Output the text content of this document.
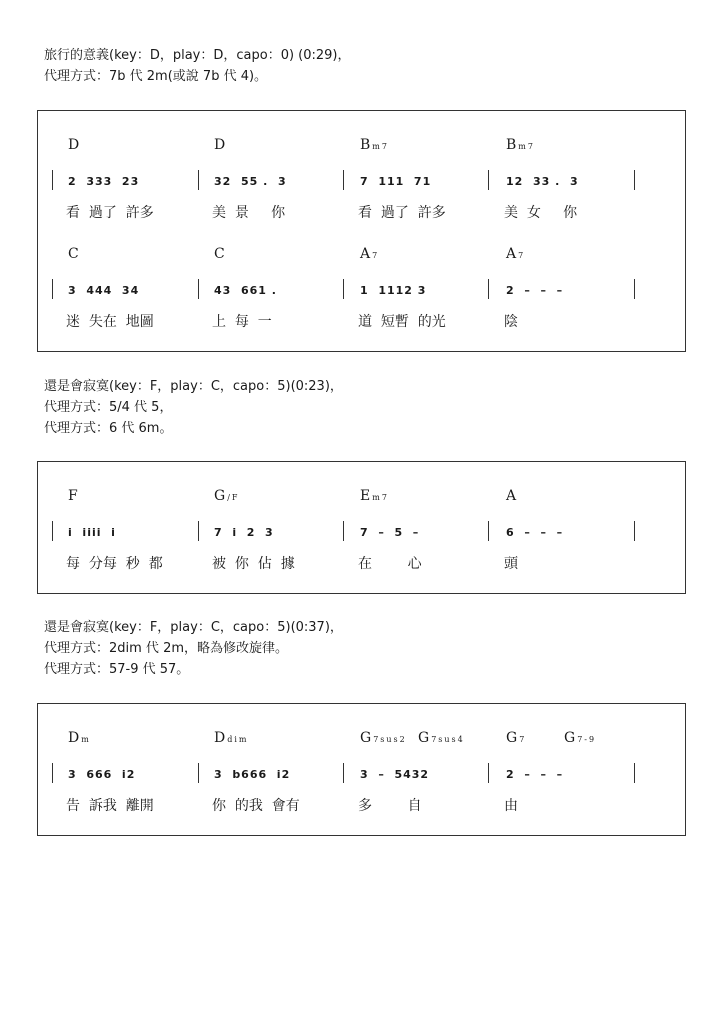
旅行的意義(key：D，play：D，capo：0) (0:29)，
代理方式：7b 代 2m(或說 7b 代 4)。
D	D	Bm7	Bm7
2  333  23	32  55 .  3	7  111  71	12  33 .  3
看  過了  許多	美  景     你	看  過了  許多	美  女     你
C	C	A 7	A 7
3  444  34	43  661 .	1  1112 3	2  –  –  –
迷  失在  地圖	上  每  一	道  短暫  的光	陰
還是會寂寞(key：F，play：C，capo：5)(0:23)，
代理方式：5/4 代 5，
代理方式：6 代 6m。
F	G /F	Em7	A
i  iiii  i	7  i  2  3	7  –  5  –	6  –  –  –
每  分每  秒  都	被  你  佔  據	在        心	頭
還是會寂寞(key：F，play：C，capo：5)(0:37)，
代理方式：2dim 代 2m，略為修改旋律。
代理方式：57-9 代 57。
Dm	Ddim	G 7sus2 G 7sus4	G 7	G 7-9
3  666  i2	3  b666  i2	3  –  5432	2  –  –  –
告  訴我  離開	你  的我  會有	多        自	由
